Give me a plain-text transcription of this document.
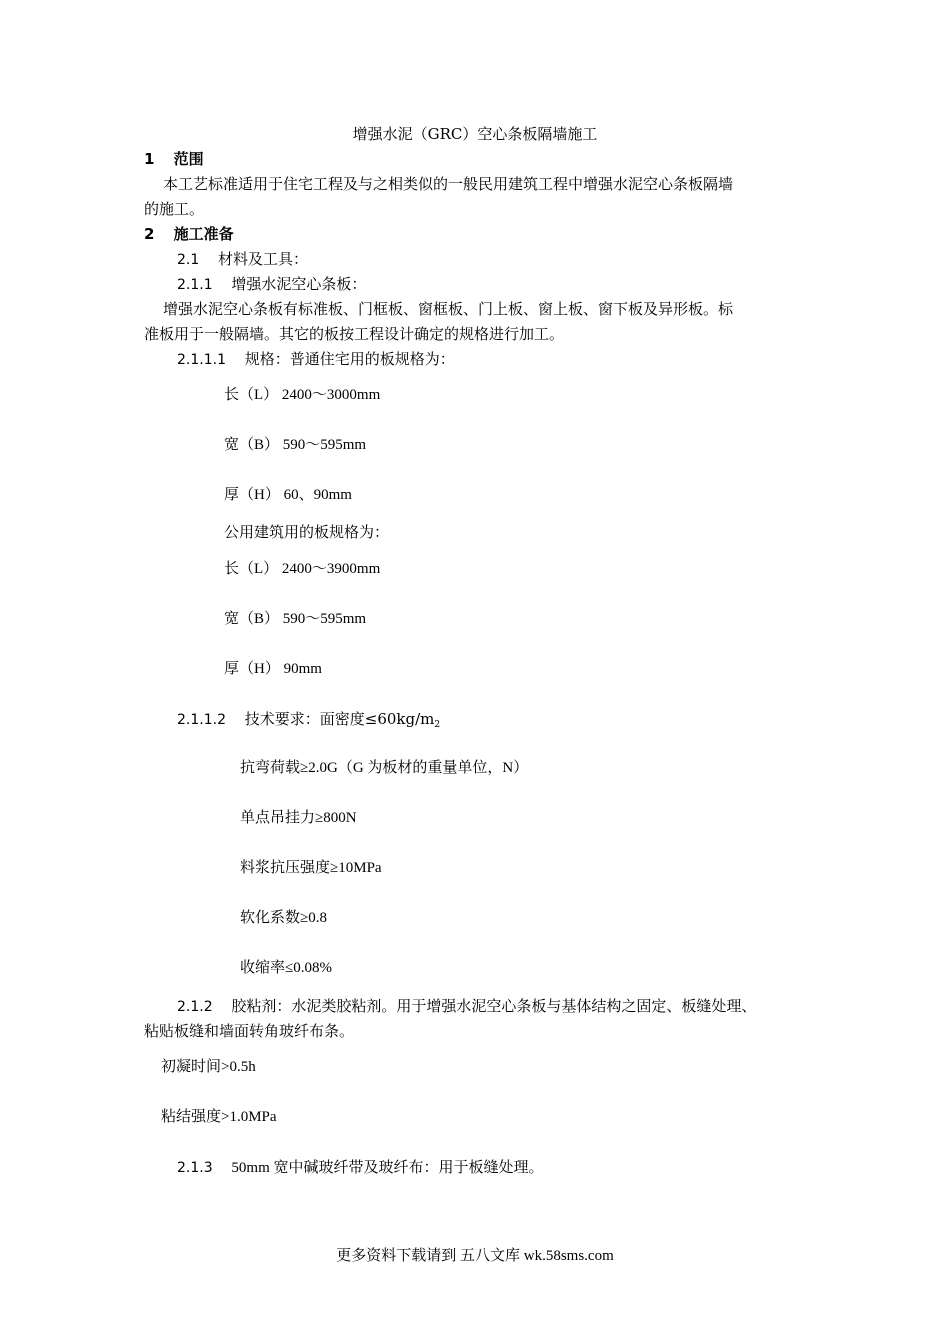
增强水泥（GRC）空心条板隔墙施工
1 范围
本工艺标准适用于住宅工程及与之相类似的一般民用建筑工程中增强水泥空心条板隔墙
的施工。
2 施工准备
2.1 材料及工具：
2.1.1 增强水泥空心条板：
增强水泥空心条板有标准板、门框板、窗框板、门上板、窗上板、窗下板及异形板。标
准板用于一般隔墙。其它的板按工程设计确定的规格进行加工。
2.1.1.1 规格：普通住宅用的板规格为：
长（L） 2400～3000mm
宽（B） 590～595mm
厚（H） 60、90mm
公用建筑用的板规格为：
长（L） 2400～3900mm
宽（B） 590～595mm
厚（H） 90mm
2.1.1.2 技术要求：面密度$\le 60kg/m_2$
抗弯荷载≥2.0G（G 为板材的重量单位，N）
单点吊挂力≥800N
料浆抗压强度≥10MPa
软化系数≥0.8
收缩率≤0.08%
2.1.2 胶粘剂：水泥类胶粘剂。用于增强水泥空心条板与基体结构之固定、板缝处理、
粘贴板缝和墙面转角玻纤布条。
初凝时间>0.5h
粘结强度>1.0MPa
2.1.3 50mm 宽中碱玻纤带及玻纤布：用于板缝处理。
更多资料下载请到 五八文库 wk.58sms.com
